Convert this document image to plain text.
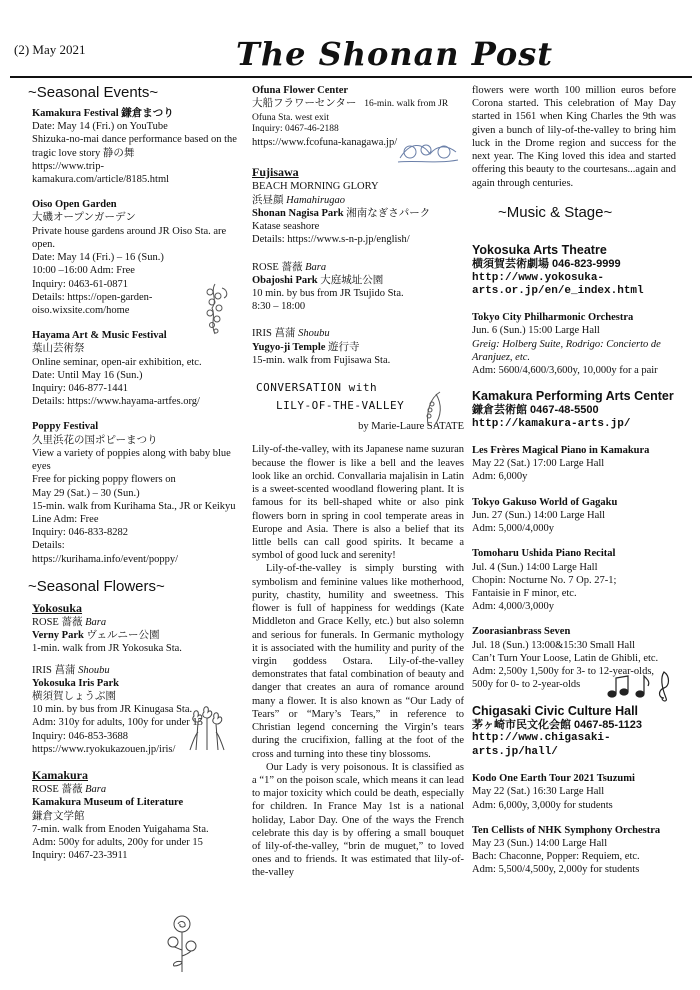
(2) May 2021	The Shonan Post
~Seasonal Events~
Kamakura Festival 鎌倉まつり
Date: May 14 (Fri.) on YouTube
Shizuka-no-mai dance performance based on the tragic love story 静の舞
https://www.trip-kamakura.com/article/8185.html
Oiso Open Garden
大磯オープンガーデン
Private house gardens around JR Oiso Sta. are open.
Date: May 14 (Fri.) – 16 (Sun.)
10:00 –16:00 Adm: Free
Inquiry: 0463-61-0871
Details: https://open-garden-oiso.wixsite.com/home
Hayama Art & Music Festival
葉山芸術祭
Online seminar, open-air exhibition, etc.
Date: Until May 16 (Sun.)
Inquiry: 046-877-1441
Details: https://www.hayama-artfes.org/
Poppy Festival
久里浜花の国ポピーまつり
View a variety of poppies along with baby blue eyes
Free for picking poppy flowers on
May 29 (Sat.) – 30 (Sun.)
15-min. walk from Kurihama Sta., JR or Keikyu Line Adm: Free
Inquiry: 046-833-8282
Details:
https://kurihama.info/event/poppy/
~Seasonal Flowers~
Yokosuka
ROSE 薔薇 Bara
Verny Park ヴェルニー公園
1-min. walk from JR Yokosuka Sta.
IRIS 菖蒲 Shoubu
Yokosuka Iris Park
横須賀しょうぶ園
10 min. by bus from JR Kinugasa Sta.
Adm: 310y for adults, 100y for under 15
Inquiry: 046-853-3688
https://www.ryokukazouen.jp/iris/
Kamakura
ROSE 薔薇 Bara
Kamakura Museum of Literature
鎌倉文学館
7-min. walk from Enoden Yuigahama Sta.
Adm: 500y for adults, 200y for under 15
Inquiry: 0467-23-3911
Ofuna Flower Center
大船フラワーセンター 16-min. walk from JR Ofuna Sta. west exit
Inquiry: 0467-46-2188
https://www.fcofuna-kanagawa.jp/
Fujisawa
BEACH MORNING GLORY
浜昼顔 Hamahirugao
Shonan Nagisa Park 湘南なぎさパーク
Katase seashore
Details: https://www.s-n-p.jp/english/
ROSE 薔薇 Bara
Obajoshi Park 大庭城址公園
10 min. by bus from JR Tsujido Sta.
8:30 – 18:00
IRIS 菖蒲 Shoubu
Yugyo-ji Temple 遊行寺
15-min. walk from Fujisawa Sta.
CONVERSATION with
LILY-OF-THE-VALLEY
by Marie-Laure SATATE

Lily-of-the-valley, with its Japanese name suzuran because the flower is like a bell and the leaves look like an orchid. Convallaria majalisin in Latin is a sweet-scented woodland flowering plant. It is famous for its bell-shaped white or also pink flowers born in spring in cool temperate areas in Europe and Asia. There is also a belief that its little bells can call good spirits. It became a symbol of good luck and serenity!

Lily-of-the-valley is simply bursting with symbolism and feminine values like motherhood, purity, chastity, humility and sweetness. This flower is full of happiness for weddings (Kate Middleton and Grace Kelly, etc.) but also solemn and serious for funerals. In Germanic mythology it is associated with the humility and purity of the virgin goddess Ostara. Lily-of-the-valley demonstrates that fatal combination of beauty and danger that creates an aura of romance around many a flower. It is also known as “Our Lady of Tears” or “Mary’s Tears,” in reference to Christian legend concerning the Virgin’s tears during the crucifixion, falling at the foot of the cross and turning into these tiny blossoms.

Our Lady is very poisonous. It is classified as a “1” on the poison scale, which means it can lead to major toxicity which could be death, especially for children. In France May 1st is a national holiday, Labor Day. One of the ways the French celebrate this day is by offering a small bouquet of lily-of-the-valley, “brin de muguet,” to loved ones and to friends. It was estimated that lily-of-the-valley

flowers were worth 100 million euros before Corona started. This celebration of May Day started in 1561 when King Charles the 9th was given a bunch of lily-of-the-valley to bring him luck in the Drome region and success for the next year. The King loved this idea and started offering this beauty to the courtesans...again and again through centuries.

~Music & Stage~
Yokosuka Arts Theatre
横須賀芸術劇場 046-823-9999
http://www.yokosuka-arts.or.jp/en/e_index.html
Tokyo City Philharmonic Orchestra
Jun. 6 (Sun.) 15:00 Large Hall
Greig: Holberg Suite, Rodrigo: Concierto de Aranjuez, etc.
Adm: 5600/4,600/3,600y, 10,000y for a pair
Kamakura Performing Arts Center
鎌倉芸術館 0467-48-5500
http://kamakura-arts.jp/
Les Frères Magical Piano in Kamakura
May 22 (Sat.) 17:00 Large Hall
Adm: 6,000y
Tokyo Gakuso World of Gagaku
Jun. 27 (Sun.) 14:00 Large Hall
Adm: 5,000/4,000y
Tomoharu Ushida Piano Recital
Jul. 4 (Sun.) 14:00 Large Hall
Chopin: Nocturne No. 7 Op. 27-1;
Fantaisie in F minor, etc.
Adm: 4,000/3,000y
Zoorasianbrass Seven
Jul. 18 (Sun.) 13:00&15:30 Small Hall
Can’t Turn Your Loose, Latin de Ghibli, etc. Adm: 2,500y 1,500y for 3- to 12-year-olds, 500y for 0- to 2-year-olds
Chigasaki Civic Culture Hall
茅ヶ崎市民文化会館 0467-85-1123
http://www.chigasaki-arts.jp/hall/
Kodo One Earth Tour 2021 Tsuzumi
May 22 (Sat.) 16:30 Large Hall
Adm: 6,000y, 3,000y for students
Ten Cellists of NHK Symphony Orchestra
May 23 (Sun.) 14:00 Large Hall
Bach: Chaconne, Popper: Requiem, etc.
Adm: 5,500/4,500y, 2,000y for students
